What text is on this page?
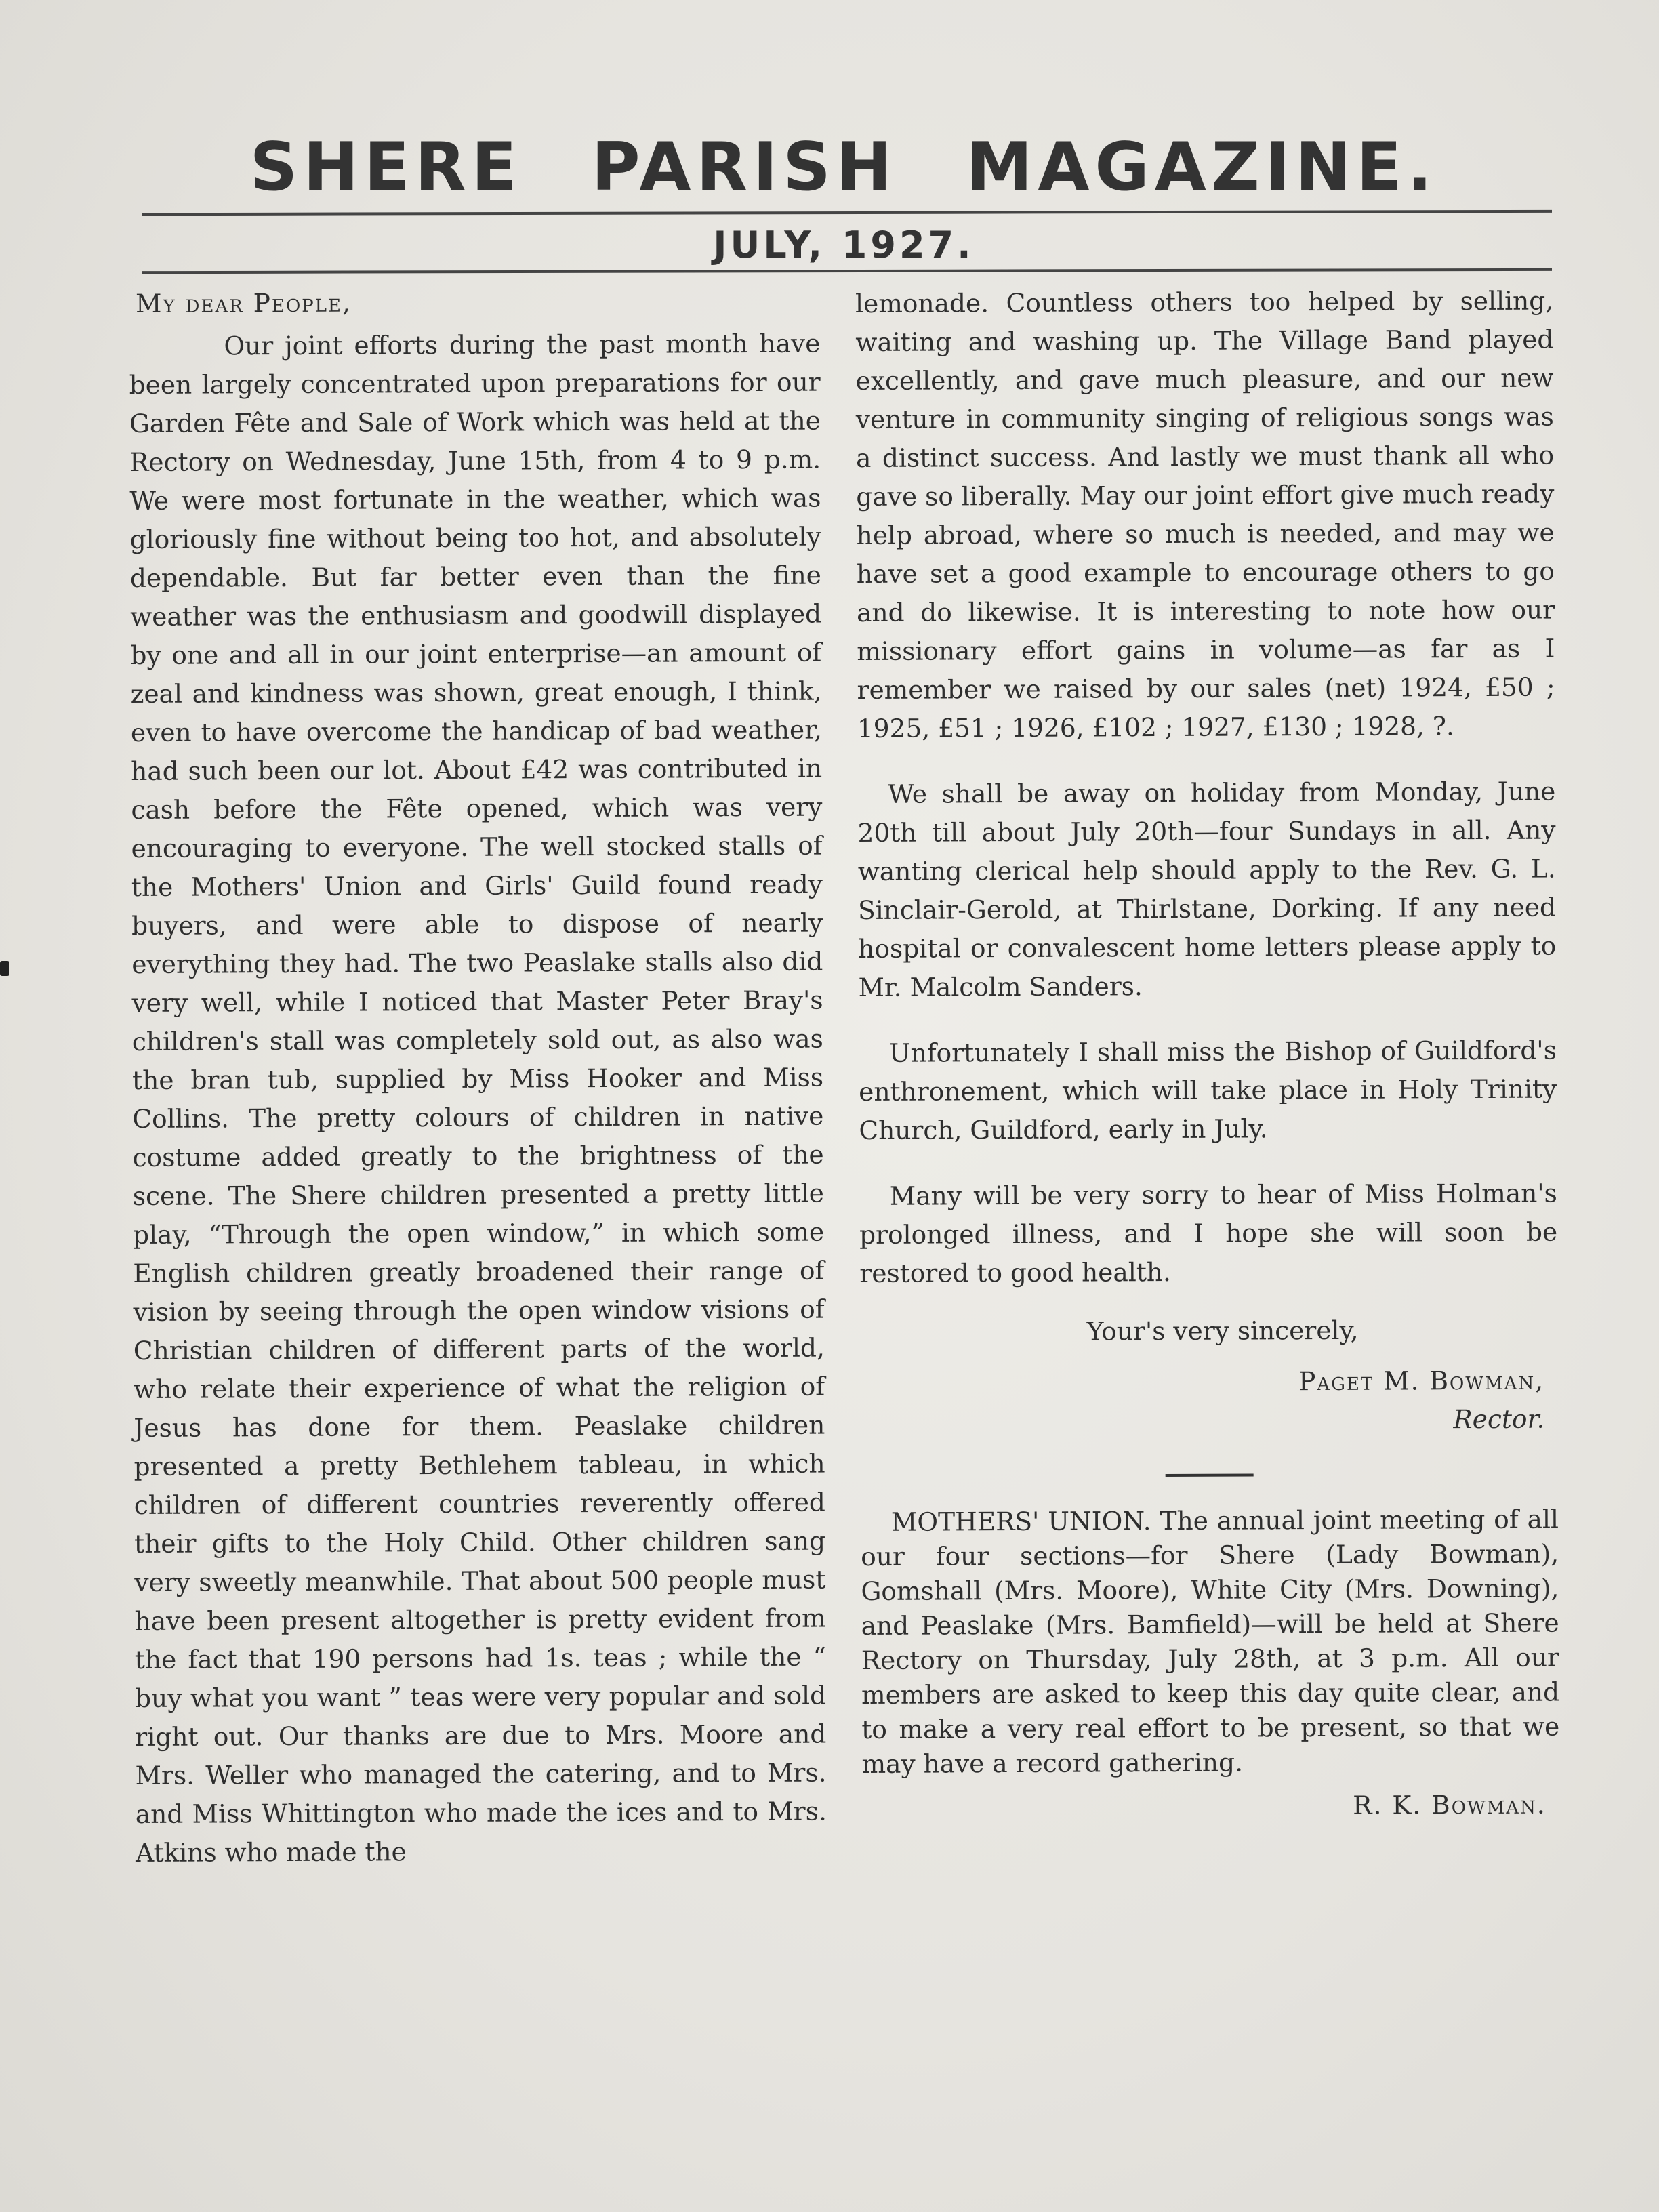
SHERE PARISH MAGAZINE.
JULY, 1927.

My dear People,

Our joint efforts during the past month have been largely concentrated upon preparations for our Garden Fête and Sale of Work which was held at the Rectory on Wednesday, June 15th, from 4 to 9 p.m. We were most fortunate in the weather, which was gloriously fine without being too hot, and absolutely dependable. But far better even than the fine weather was the enthusiasm and goodwill displayed by one and all in our joint enterprise—an amount of zeal and kindness was shown, great enough, I think, even to have overcome the handicap of bad weather, had such been our lot. About £42 was contributed in cash before the Fête opened, which was very encouraging to everyone. The well stocked stalls of the Mothers' Union and Girls' Guild found ready buyers, and were able to dispose of nearly everything they had. The two Peaslake stalls also did very well, while I noticed that Master Peter Bray's children's stall was completely sold out, as also was the bran tub, supplied by Miss Hooker and Miss Collins. The pretty colours of children in native costume added greatly to the brightness of the scene. The Shere children presented a pretty little play, “Through the open window,” in which some English children greatly broadened their range of vision by seeing through the open window visions of Christian children of different parts of the world, who relate their experience of what the religion of Jesus has done for them. Peaslake children presented a pretty Bethlehem tableau, in which children of different countries reverently offered their gifts to the Holy Child. Other children sang very sweetly meanwhile. That about 500 people must have been present altogether is pretty evident from the fact that 190 persons had 1s. teas ; while the “ buy what you want ” teas were very popular and sold right out. Our thanks are due to Mrs. Moore and Mrs. Weller who managed the catering, and to Mrs. and Miss Whittington who made the ices and to Mrs. Atkins who made the

lemonade. Countless others too helped by selling, waiting and washing up. The Village Band played excellently, and gave much pleasure, and our new venture in community singing of religious songs was a distinct success. And lastly we must thank all who gave so liberally. May our joint effort give much ready help abroad, where so much is needed, and may we have set a good example to encourage others to go and do likewise. It is interesting to note how our missionary effort gains in volume—as far as I remember we raised by our sales (net) 1924, £50 ; 1925, £51 ; 1926, £102 ; 1927, £130 ; 1928, ?.

We shall be away on holiday from Monday, June 20th till about July 20th—four Sundays in all. Any wanting clerical help should apply to the Rev. G. L. Sinclair-Gerold, at Thirlstane, Dorking. If any need hospital or convalescent home letters please apply to Mr. Malcolm Sanders.

Unfortunately I shall miss the Bishop of Guildford's enthronement, which will take place in Holy Trinity Church, Guildford, early in July.

Many will be very sorry to hear of Miss Holman's prolonged illness, and I hope she will soon be restored to good health.

Your's very sincerely,

Paget M. Bowman,

Rector.

MOTHERS' UNION. The annual joint meeting of all our four sections—for Shere (Lady Bowman), Gomshall (Mrs. Moore), White City (Mrs. Downing), and Peaslake (Mrs. Bamfield)—will be held at Shere Rectory on Thursday, July 28th, at 3 p.m. All our members are asked to keep this day quite clear, and to make a very real effort to be present, so that we may have a record gathering.

R. K. Bowman.
